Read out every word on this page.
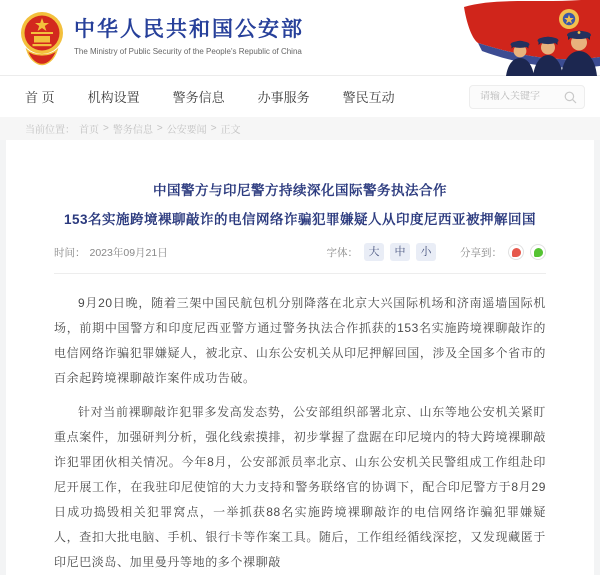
中华人民共和国公安部
The Ministry of Public Security of the People's Republic of China
首 页	机构设置	警务信息	办事服务	警民互动
请输入关键字
当前位置： 首页 > 警务信息 > 公安要闻 > 正文
中国警方与印尼警方持续深化国际警务执法合作
153名实施跨境裸聊敲诈的电信网络诈骗犯罪嫌疑人从印度尼西亚被押解回国
时间： 2023年09月21日	字体： 大	中	小	分享到：

9月20日晚，随着三架中国民航包机分别降落在北京大兴国际机场和济南遥墙国际机场，前期中国警方和印度尼西亚警方通过警务执法合作抓获的153名实施跨境裸聊敲诈的电信网络诈骗犯罪嫌疑人，被北京、山东公安机关从印尼押解回国，涉及全国多个省市的百余起跨境裸聊敲诈案件成功告破。

针对当前裸聊敲诈犯罪多发高发态势，公安部组织部署北京、山东等地公安机关紧盯重点案件，加强研判分析，强化线索摸排，初步掌握了盘踞在印尼境内的特大跨境裸聊敲诈犯罪团伙相关情况。今年8月，公安部派员率北京、山东公安机关民警组成工作组赴印尼开展工作，在我驻印尼使馆的大力支持和警务联络官的协调下，配合印尼警方于8月29日成功捣毁相关犯罪窝点，一举抓获88名实施跨境裸聊敲诈的电信网络诈骗犯罪嫌疑人，查扣大批电脑、手机、银行卡等作案工具。随后，工作组经循线深挖，又发现藏匿于印尼巴淡岛、加里曼丹等地的多个裸聊敲
